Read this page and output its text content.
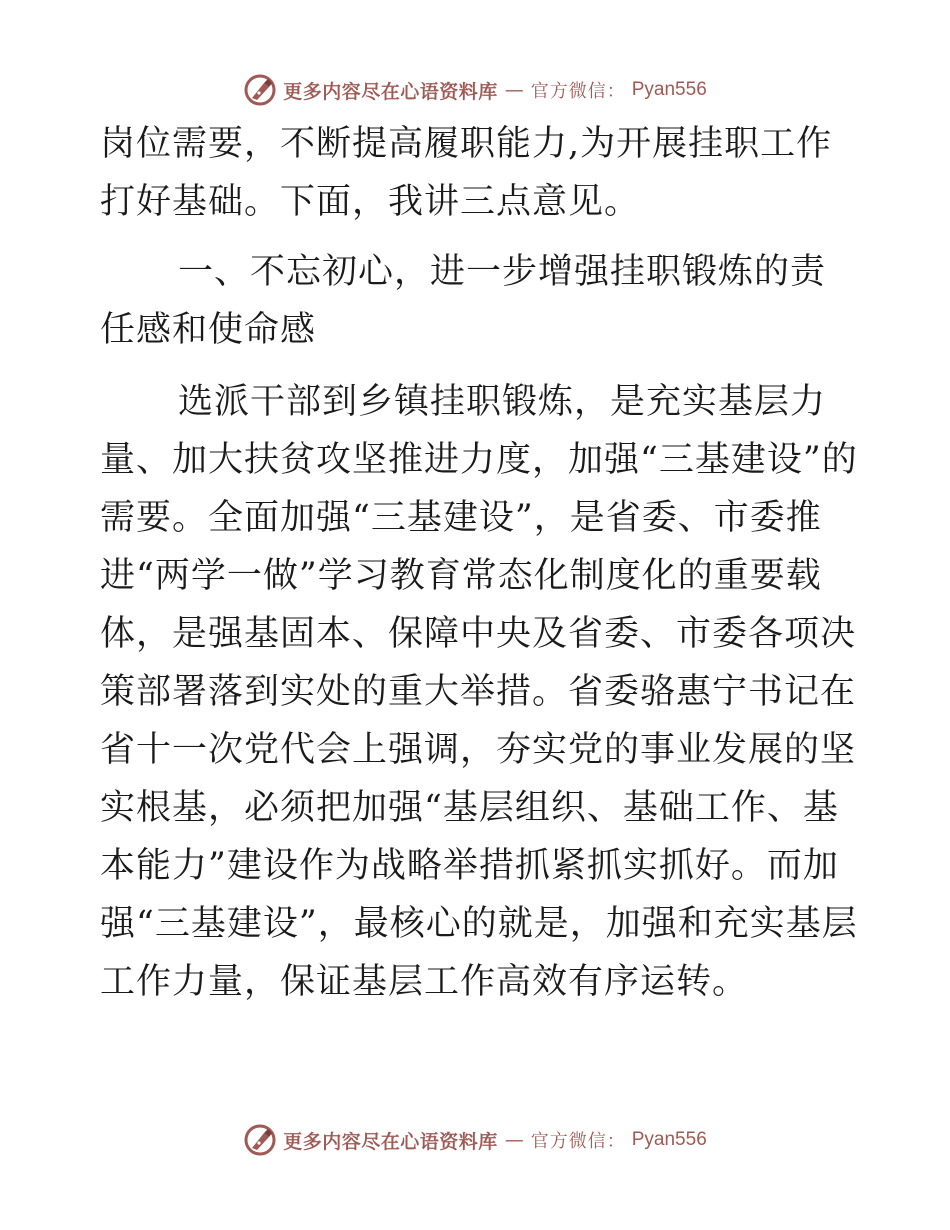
更多内容尽在心语资料库 — 官方微信： Pyan556

岗位需要，不断提高履职能力,为开展挂职工作打好基础。下面，我讲三点意见。

一、不忘初心，进一步增强挂职锻炼的责任感和使命感

选派干部到乡镇挂职锻炼，是充实基层力量、加大扶贫攻坚推进力度，加强“三基建设”的需要。全面加强“三基建设”，是省委、市委推进“两学一做”学习教育常态化制度化的重要载体，是强基固本、保障中央及省委、市委各项决策部署落到实处的重大举措。省委骆惠宁书记在省十一次党代会上强调，夯实党的事业发展的坚实根基，必须把加强“基层组织、基础工作、基本能力”建设作为战略举措抓紧抓实抓好。而加强“三基建设”，最核心的就是，加强和充实基层工作力量，保证基层工作高效有序运转。

更多内容尽在心语资料库 — 官方微信： Pyan556
